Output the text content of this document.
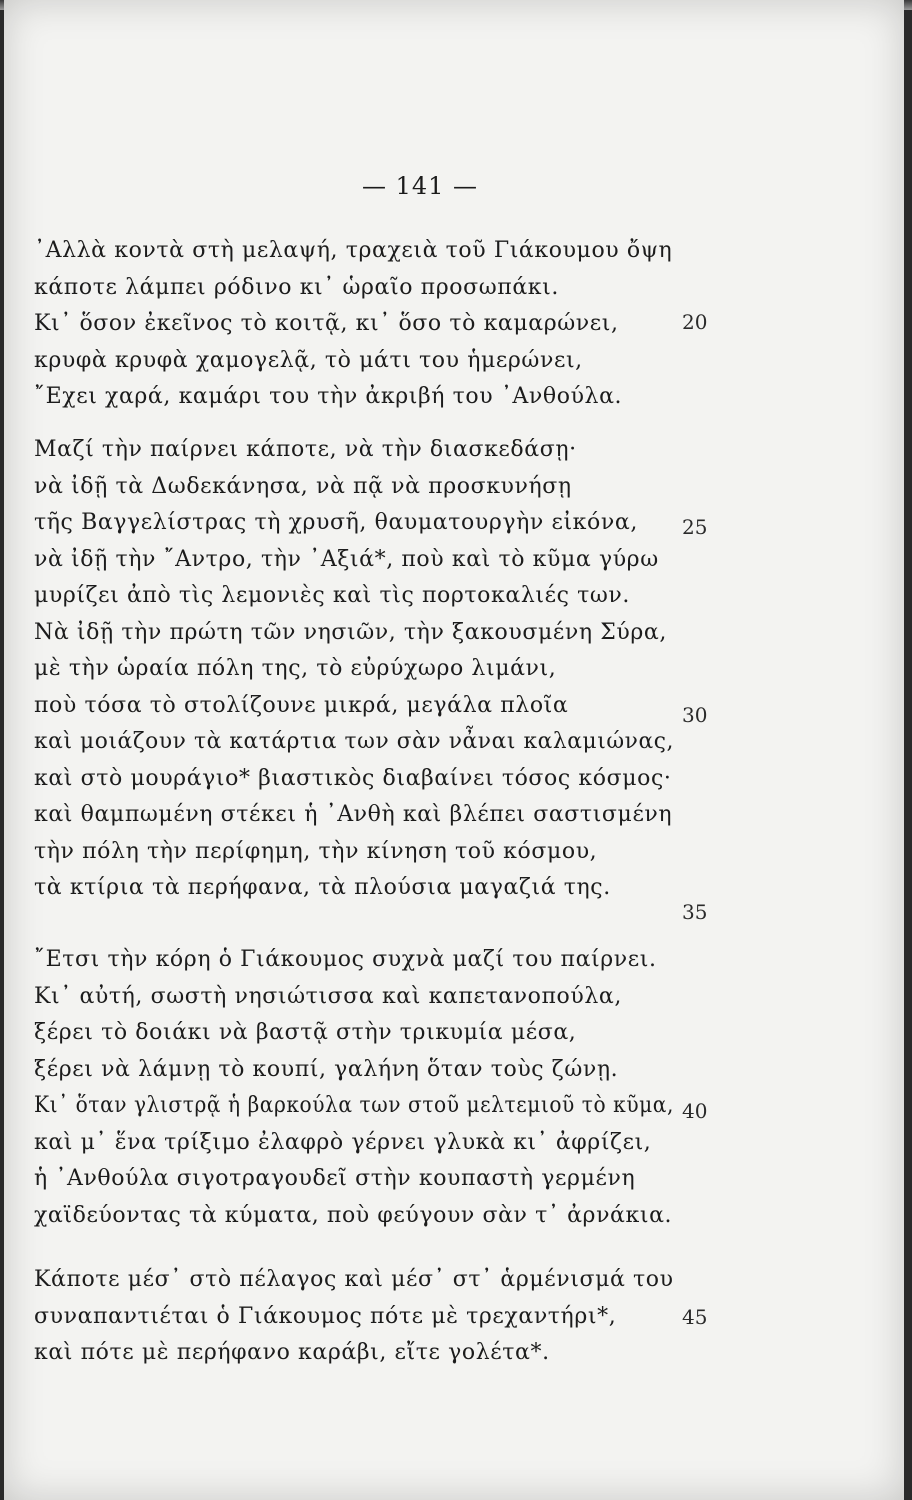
— 141 —
᾿Αλλὰ κοντὰ στὴ μελαψή, τραχειὰ τοῦ Γιάκουμου ὄψη
κάποτε λάμπει ρόδινο κι᾿ ὡραῖο προσωπάκι.
Κι᾿ ὅσον ἐκεῖνος τὸ κοιτᾷ, κι᾿ ὅσο τὸ καμαρώνει,
κρυφὰ κρυφὰ χαμογελᾷ, τὸ μάτι του ἡμερώνει,
῎Εχει χαρά, καμάρι του τὴν ἀκριβή του ᾿Ανθούλα.
Μαζί τὴν παίρνει κάποτε, νὰ τὴν διασκεδάσῃ·
νὰ ἰδῇ τὰ Δωδεκάνησα, νὰ πᾷ νὰ προσκυνήσῃ
τῆς Βαγγελίστρας τὴ χρυσῆ, θαυματουργὴν εἰκόνα,
νὰ ἰδῇ τὴν ῎Αντρο, τὴν ᾿Αξιά*, ποὺ καὶ τὸ κῦμα γύρω
μυρίζει ἀπὸ τὶς λεμονιὲς καὶ τὶς πορτοκαλιές των.
Νὰ ἰδῇ τὴν πρώτη τῶν νησιῶν, τὴν ξακουσμένη Σύρα,
μὲ τὴν ὡραία πόλη της, τὸ εὐρύχωρο λιμάνι,
ποὺ τόσα τὸ στολίζουνε μικρά, μεγάλα πλοῖα
καὶ μοιάζουν τὰ κατάρτια των σὰν νἆναι καλαμιώνας,
καὶ στὸ μουράγιο* βιαστικὸς διαβαίνει τόσος κόσμος·
καὶ θαμπωμένη στέκει ἡ ᾿Ανθὴ καὶ βλέπει σαστισμένη
τὴν πόλη τὴν περίφημη, τὴν κίνηση τοῦ κόσμου,
τὰ κτίρια τὰ περήφανα, τὰ πλούσια μαγαζιά της.
῎Ετσι τὴν κόρη ὁ Γιάκουμος συχνὰ μαζί του παίρνει.
Κι᾿ αὐτή, σωστὴ νησιώτισσα καὶ καπετανοπούλα,
ξέρει τὸ δοιάκι νὰ βαστᾷ στὴν τρικυμία μέσα,
ξέρει νὰ λάμνῃ τὸ κουπί, γαλήνη ὅταν τοὺς ζώνῃ.
Κι᾿ ὅταν γλιστρᾷ ἡ βαρκούλα των στοῦ μελτεμιοῦ τὸ κῦμα,
καὶ μ᾿ ἕνα τρίξιμο ἐλαφρὸ γέρνει γλυκὰ κι᾿ ἀφρίζει,
ἡ ᾿Ανθούλα σιγοτραγουδεῖ στὴν κουπαστὴ γερμένη
χαϊδεύοντας τὰ κύματα, ποὺ φεύγουν σὰν τ᾿ ἀρνάκια.
Κάποτε μέσ᾿ στὸ πέλαγος καὶ μέσ᾿ στ᾿ ἁρμένισμά του
συναπαντιέται ὁ Γιάκουμος πότε μὲ τρεχαντήρι*,
καὶ πότε μὲ περήφανο καράβι, εἴτε γολέτα*.
20
25
30
35
40
45
